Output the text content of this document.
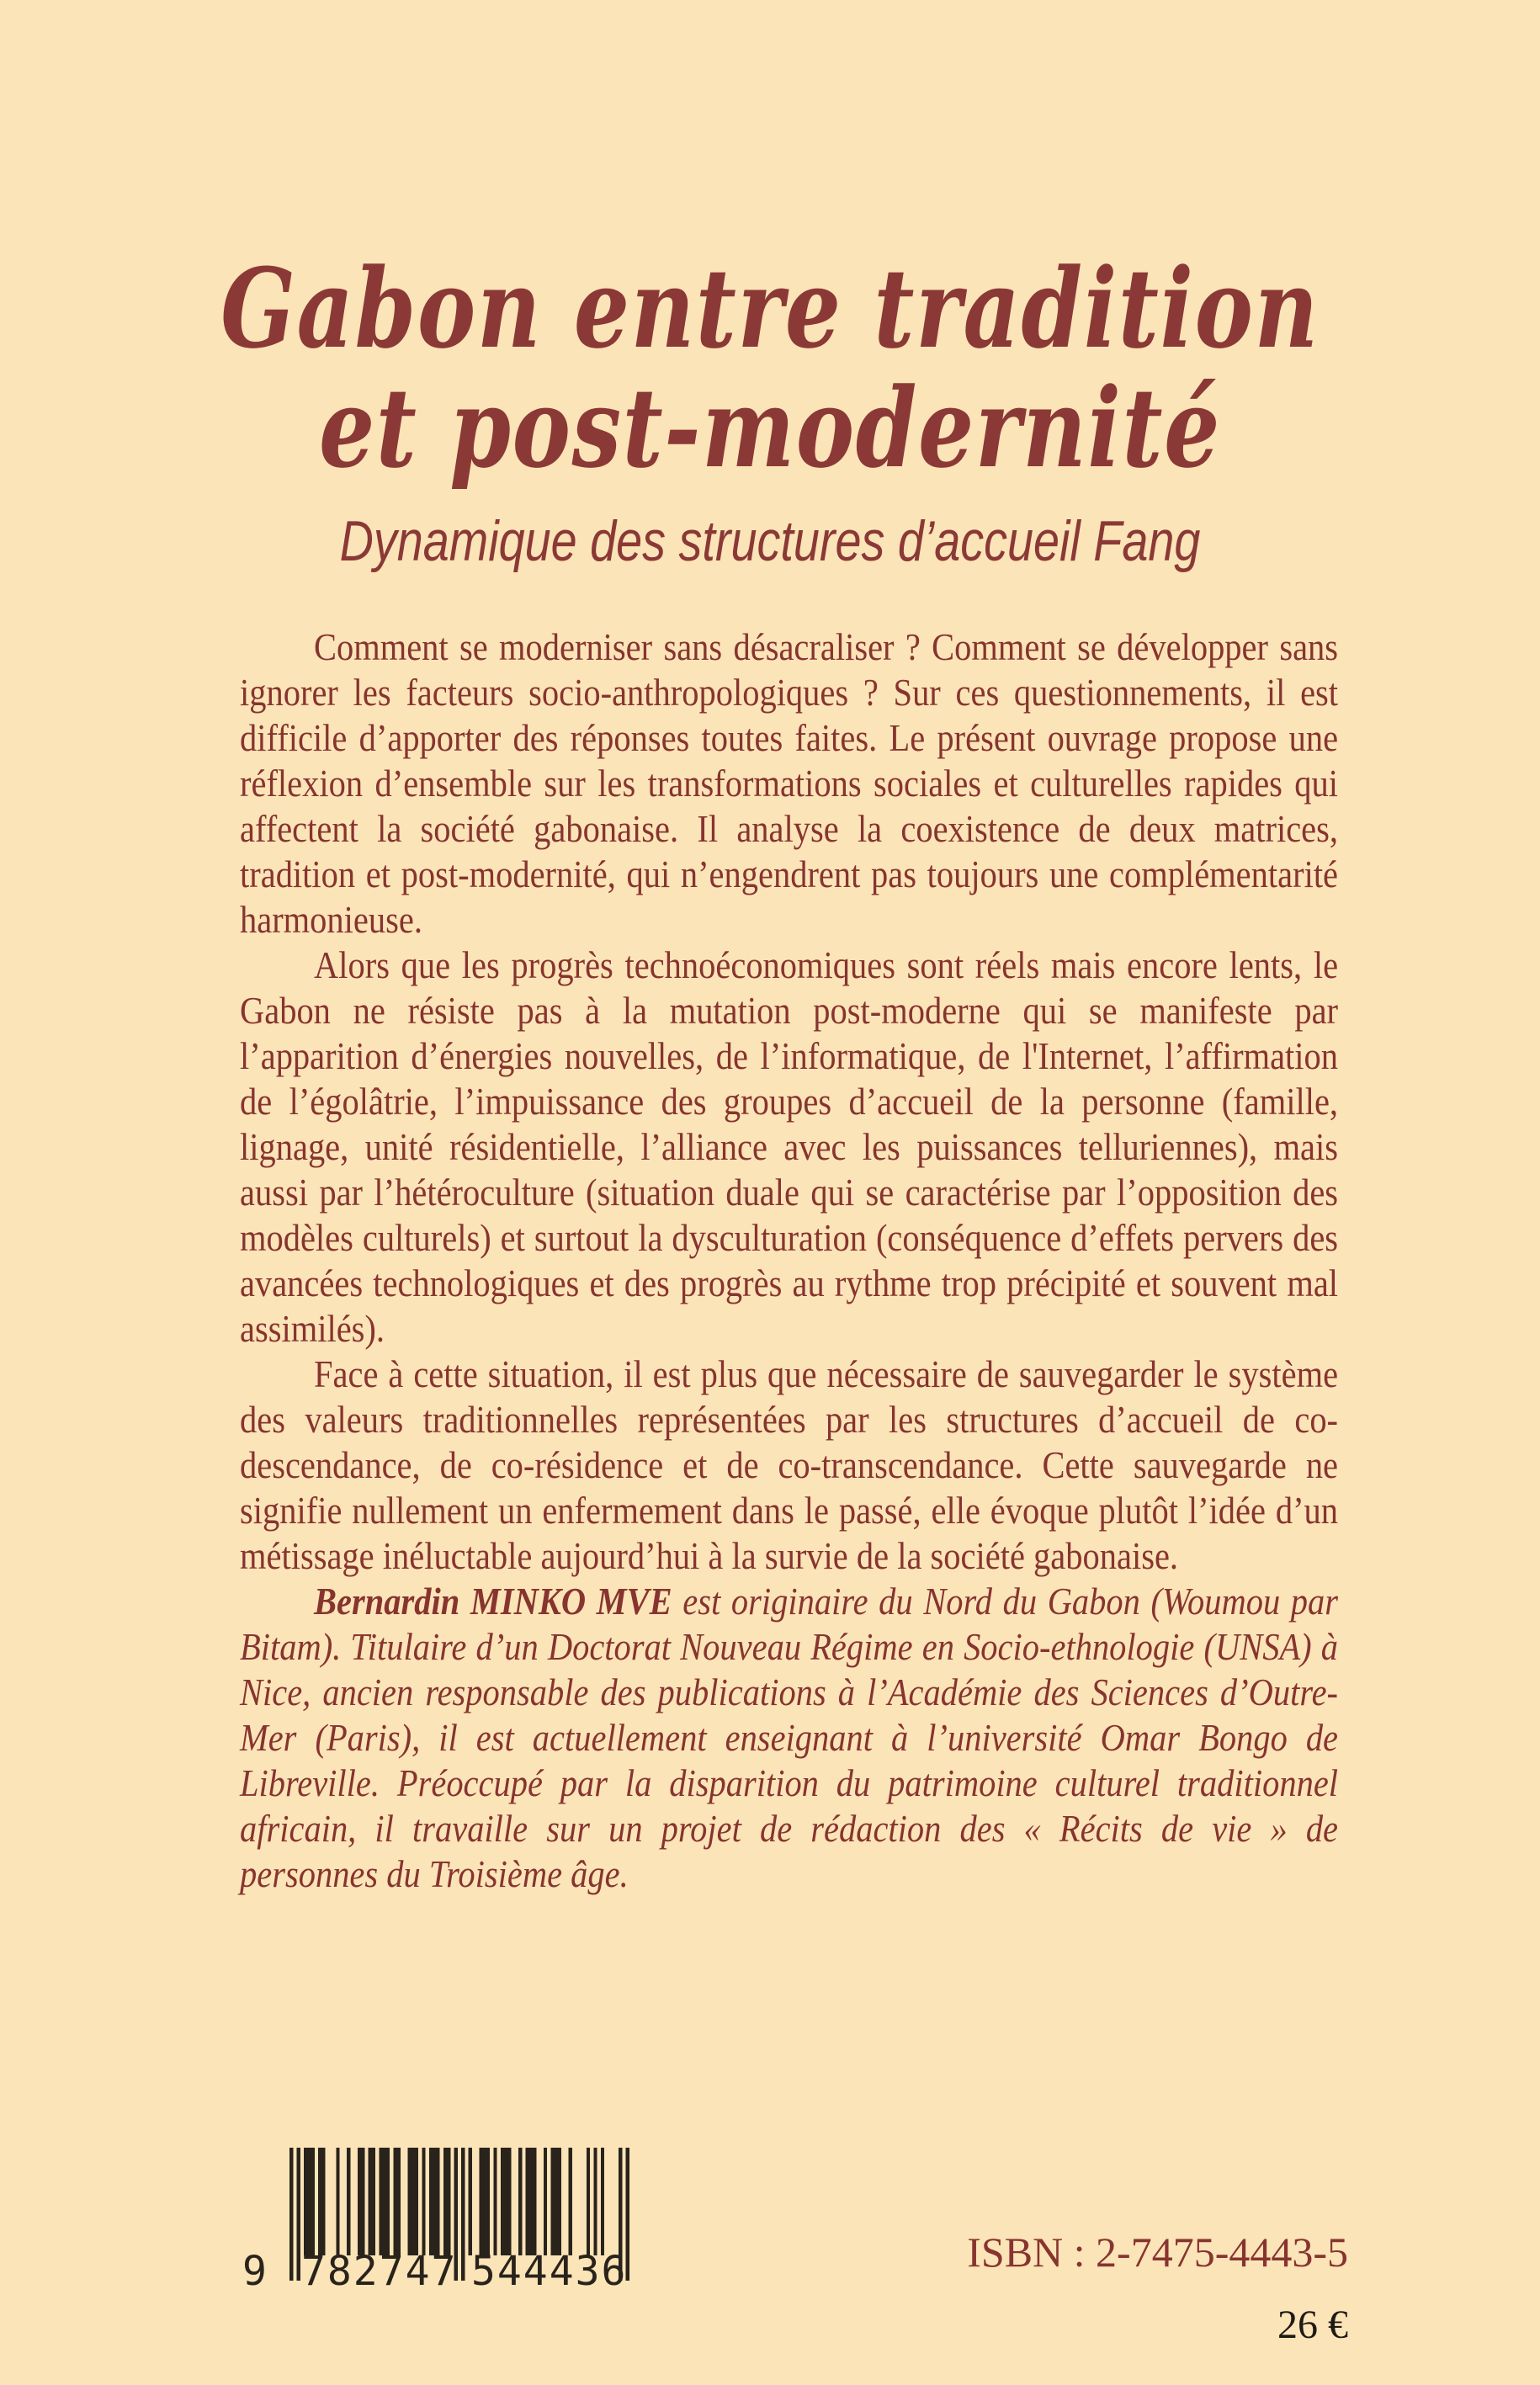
Gabon entre tradition
et post-modernité
Dynamique des structures d’accueil Fang

Comment se moderniser sans désacraliser ? Comment se développer sans ignorer les facteurs socio-anthropologiques ? Sur ces questionnements, il est difficile d’apporter des réponses toutes faites. Le présent ouvrage propose une réflexion d’ensemble sur les transformations sociales et culturelles rapides qui affectent la société gabonaise. Il analyse la coexistence de deux matrices, tradition et post-modernité, qui n’engendrent pas toujours une complémentarité harmonieuse.

Alors que les progrès technoéconomiques sont réels mais encore lents, le Gabon ne résiste pas à la mutation post-moderne qui se manifeste par l’apparition d’énergies nouvelles, de l’informatique, de l'Internet, l’affirmation de l’égolâtrie, l’impuissance des groupes d’accueil de la personne (famille, lignage, unité résidentielle, l’alliance avec les puissances telluriennes), mais aussi par l’hétéroculture (situation duale qui se caractérise par l’opposition des modèles culturels) et surtout la dysculturation (conséquence d’effets pervers des avancées technologiques et des progrès au rythme trop précipité et souvent mal assimilés).

Face à cette situation, il est plus que nécessaire de sauvegarder le système des valeurs traditionnelles représentées par les structures d’accueil de co-descendance, de co-résidence et de co-transcendance. Cette sauvegarde ne signifie nullement un enfermement dans le passé, elle évoque plutôt l’idée d’un métissage inéluctable aujourd’hui à la survie de la société gabonaise.

Bernardin MINKO MVE est originaire du Nord du Gabon (Woumou par Bitam). Titulaire d’un Doctorat Nouveau Régime en Socio-ethnologie (UNSA) à Nice, ancien responsable des publications à l’Académie des Sciences d’Outre-Mer (Paris), il est actuellement enseignant à l’université Omar Bongo de Libreville. Préoccupé par la disparition du patrimoine culturel traditionnel africain, il travaille sur un projet de rédaction des « Récits de vie » de personnes du Troisième âge.

9 782747 544436	ISBN : 2-7475-4443-5
26 €
